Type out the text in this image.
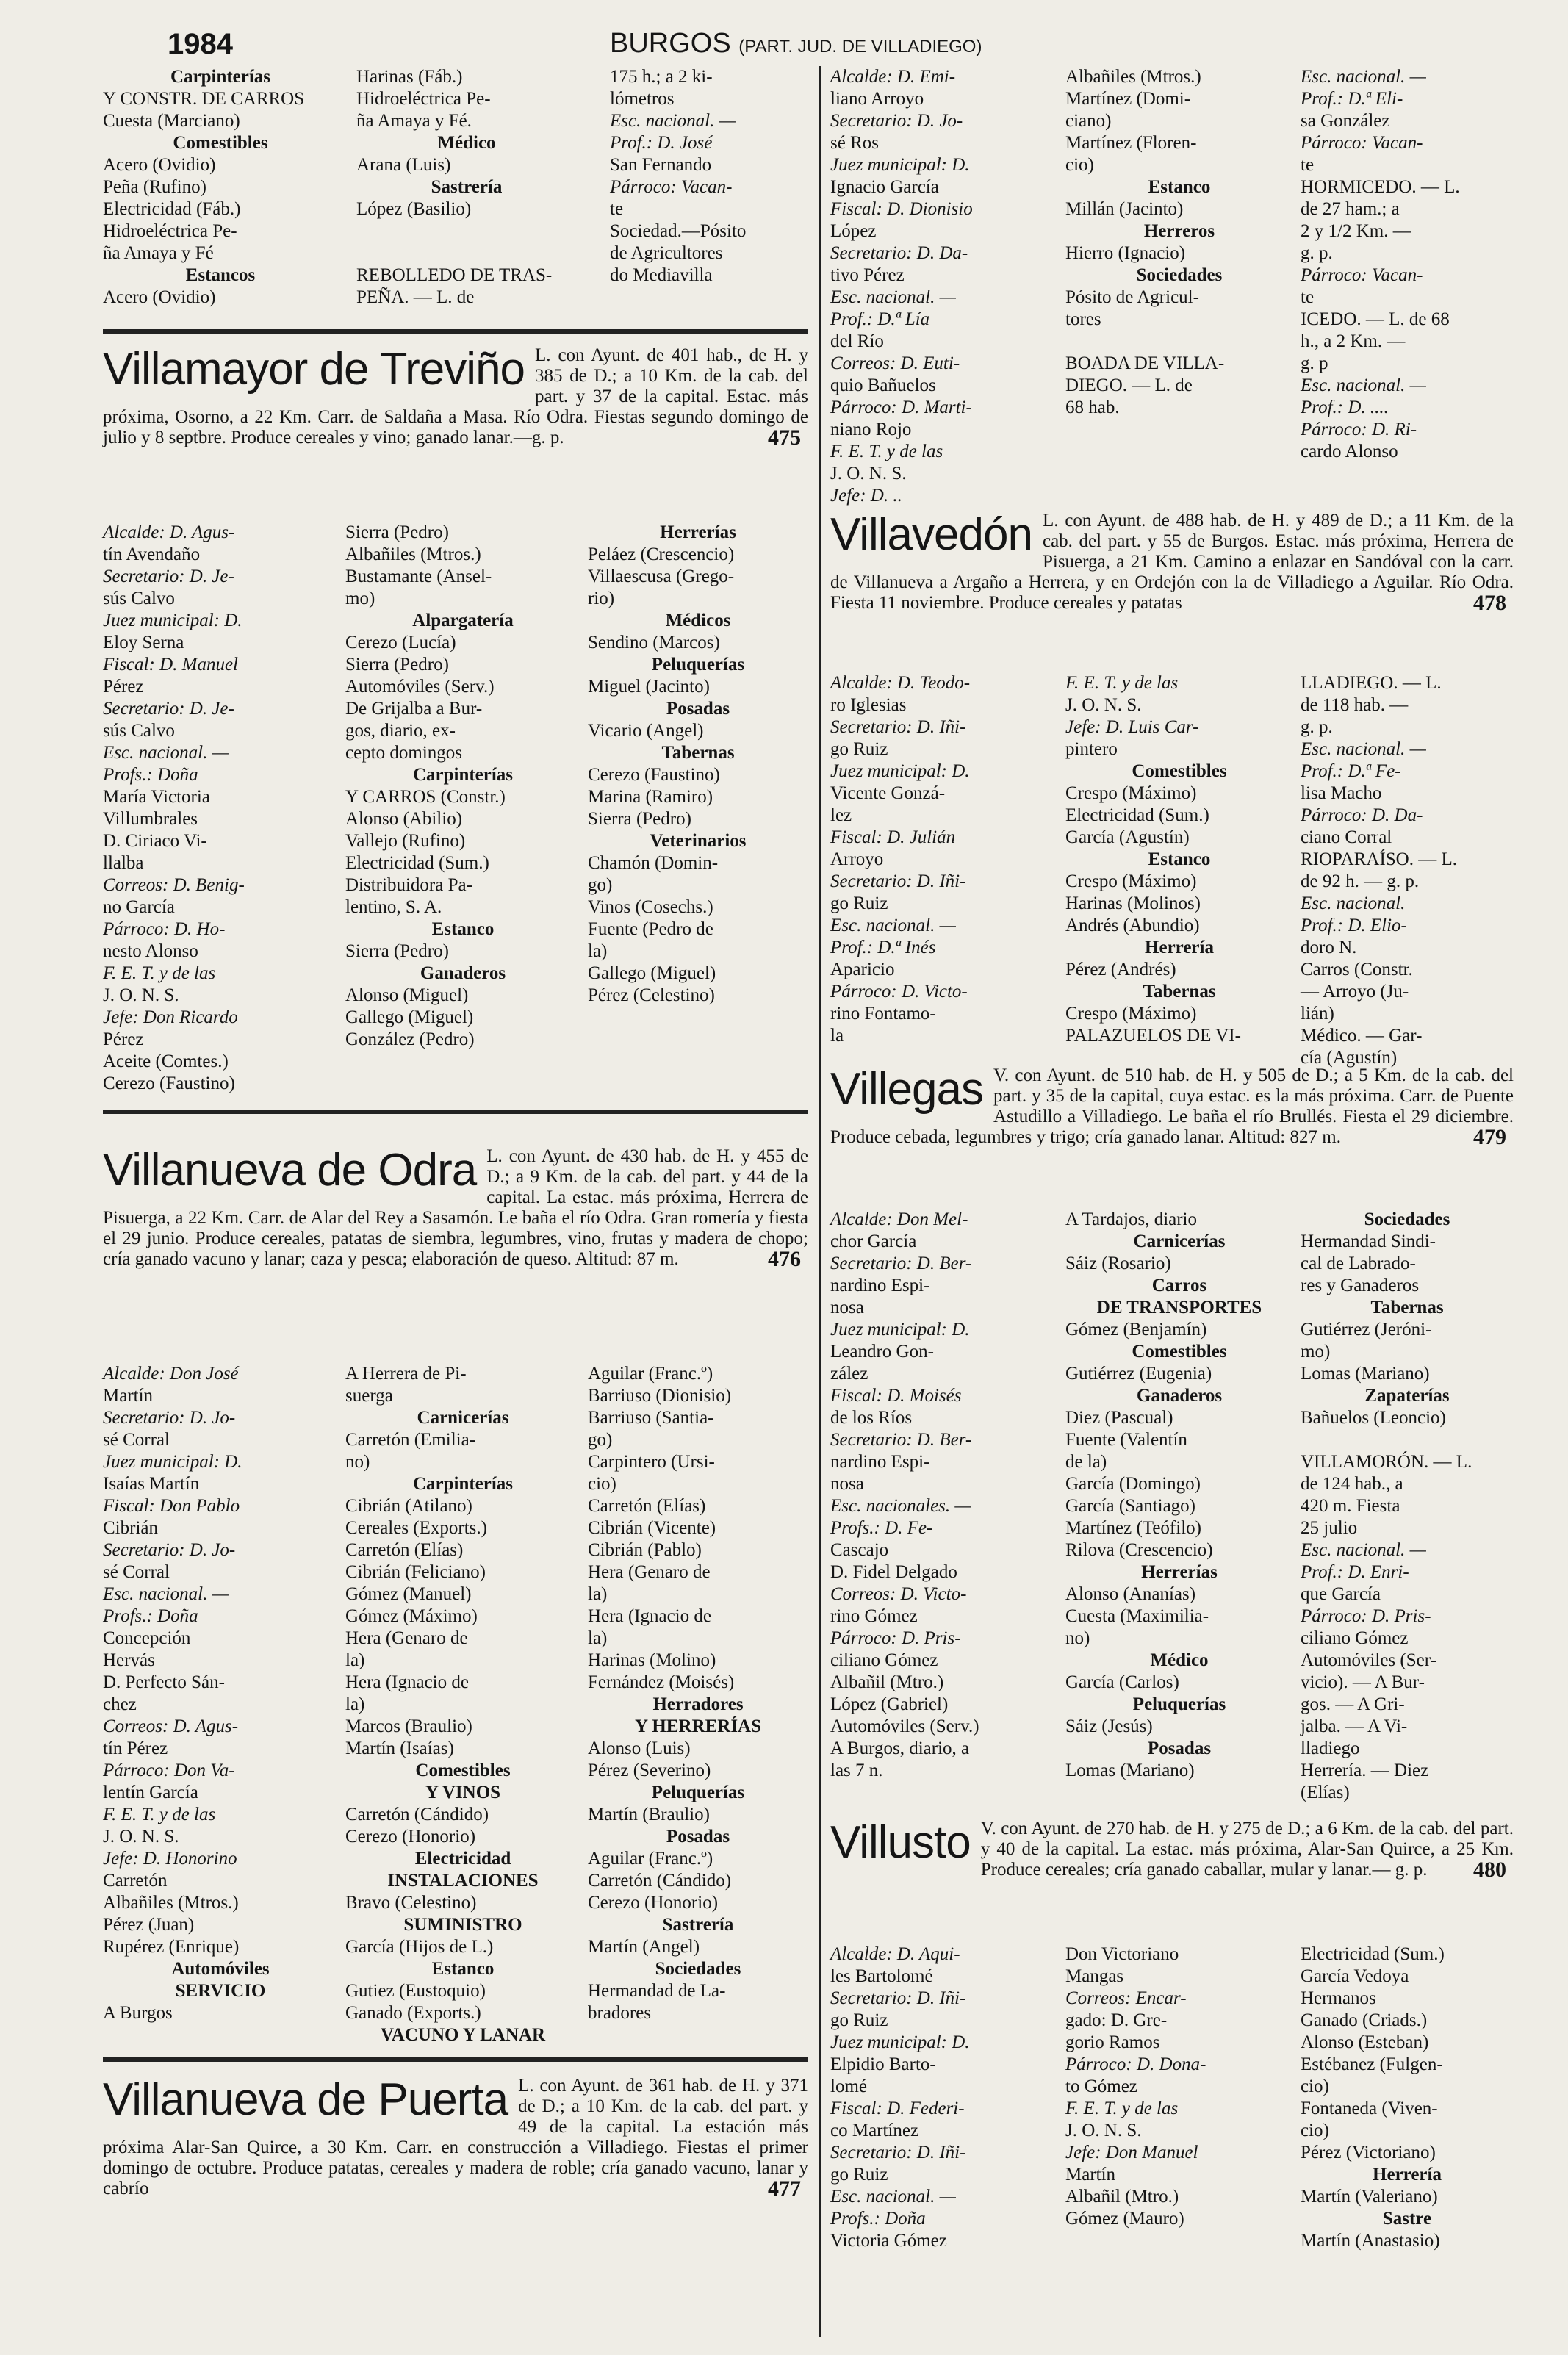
1984	BURGOS (PART. JUD. DE VILLADIEGO)
Carpinterías
Y CONSTR. DE CARROS
Cuesta (Marciano)
Comestibles
Acero (Ovidio)
Peña (Rufino)
Electricidad (Fáb.)
Hidroeléctrica Pe-
ña Amaya y Fé
Estancos
Acero (Ovidio)
Harinas (Fáb.)
Hidroeléctrica Pe-
ña Amaya y Fé.
Médico
Arana (Luis)
Sastrería
López (Basilio)

REBOLLEDO DE TRAS-
PEÑA. — L. de
175 h.; a 2 ki-
lómetros
Esc. nacional. —
Prof.: D. José
San Fernando
Párroco: Vacan-
te
Sociedad.—Pósito
de Agricultores
do Mediavilla
Villamayor de Treviño L. con Ayunt. de 401 hab., de H. y 385 de D.; a 10 Km. de la cab. del part. y 37 de la capital. Estac. más próxima, Osorno, a 22 Km. Carr. de Saldaña a Masa. Río Odra. Fiestas segundo domingo de julio y 8 septbre. Produce cereales y vino; ganado lanar.—g. p.	475
Alcalde: D. Agus-
tín Avendaño
Secretario: D. Je-
sús Calvo
Juez municipal: D.
Eloy Serna
Fiscal: D. Manuel
Pérez
Secretario: D. Je-
sús Calvo
Esc. nacional. —
Profs.: Doña
María Victoria
Villumbrales
D. Ciriaco Vi-
llalba
Correos: D. Benig-
no García
Párroco: D. Ho-
nesto Alonso
F. E. T. y de las
J. O. N. S.
Jefe: Don Ricardo
Pérez
Aceite (Comtes.)
Cerezo (Faustino)
Sierra (Pedro)
Albañiles (Mtros.)
Bustamante (Ansel-
mo)
Alpargatería
Cerezo (Lucía)
Sierra (Pedro)
Automóviles (Serv.)
De Grijalba a Bur-
gos, diario, ex-
cepto domingos
Carpinterías
Y CARROS (Constr.)
Alonso (Abilio)
Vallejo (Rufino)
Electricidad (Sum.)
Distribuidora Pa-
lentino, S. A.
Estanco
Sierra (Pedro)
Ganaderos
Alonso (Miguel)
Gallego (Miguel)
González (Pedro)
Herrerías
Peláez (Crescencio)
Villaescusa (Grego-
rio)
Médicos
Sendino (Marcos)
Peluquerías
Miguel (Jacinto)
Posadas
Vicario (Angel)
Tabernas
Cerezo (Faustino)
Marina (Ramiro)
Sierra (Pedro)
Veterinarios
Chamón (Domin-
go)
Vinos (Cosechs.)
Fuente (Pedro de
la)
Gallego (Miguel)
Pérez (Celestino)
Villanueva de Odra L. con Ayunt. de 430 hab. de H. y 455 de D.; a 9 Km. de la cab. del part. y 44 de la capital. La estac. más próxima, Herrera de Pisuerga, a 22 Km. Carr. de Alar del Rey a Sasamón. Le baña el río Odra. Gran romería y fiesta el 29 junio. Produce cereales, patatas de siembra, legumbres, vino, frutas y madera de chopo; cría ganado vacuno y lanar; caza y pesca; elaboración de queso. Altitud: 87 m.	476
Alcalde: Don José
Martín
Secretario: D. Jo-
sé Corral
Juez municipal: D.
Isaías Martín
Fiscal: Don Pablo
Cibrián
Secretario: D. Jo-
sé Corral
Esc. nacional. —
Profs.: Doña
Concepción
Hervás
D. Perfecto Sán-
chez
Correos: D. Agus-
tín Pérez
Párroco: Don Va-
lentín García
F. E. T. y de las
J. O. N. S.
Jefe: D. Honorino
Carretón
Albañiles (Mtros.)
Pérez (Juan)
Rupérez (Enrique)
Automóviles
SERVICIO
A Burgos
A Herrera de Pi-
suerga
Carnicerías
Carretón (Emilia-
no)
Carpinterías
Cibrián (Atilano)
Cereales (Exports.)
Carretón (Elías)
Cibrián (Feliciano)
Gómez (Manuel)
Gómez (Máximo)
Hera (Genaro de
la)
Hera (Ignacio de
la)
Marcos (Braulio)
Martín (Isaías)
Comestibles
Y VINOS
Carretón (Cándido)
Cerezo (Honorio)
Electricidad
INSTALACIONES
Bravo (Celestino)
SUMINISTRO
García (Hijos de L.)
Estanco
Gutiez (Eustoquio)
Ganado (Exports.)
VACUNO Y LANAR
Aguilar (Franc.º)
Barriuso (Dionisio)
Barriuso (Santia-
go)
Carpintero (Ursi-
cio)
Carretón (Elías)
Cibrián (Vicente)
Cibrián (Pablo)
Hera (Genaro de
la)
Hera (Ignacio de
la)
Harinas (Molino)
Fernández (Moisés)
Herradores
Y HERRERÍAS
Alonso (Luis)
Pérez (Severino)
Peluquerías
Martín (Braulio)
Posadas
Aguilar (Franc.º)
Carretón (Cándido)
Cerezo (Honorio)
Sastrería
Martín (Angel)
Sociedades
Hermandad de La-
bradores
Villanueva de Puerta L. con Ayunt. de 361 hab. de H. y 371 de D.; a 10 Km. de la cab. del part. y 49 de la capital. La estación más próxima Alar-San Quirce, a 30 Km. Carr. en construcción a Villadiego. Fiestas el primer domingo de octubre. Produce patatas, cereales y madera de roble; cría ganado vacuno, lanar y cabrío	477
Alcalde: D. Emi-
liano Arroyo
Secretario: D. Jo-
sé Ros
Juez municipal: D.
Ignacio García
Fiscal: D. Dionisio
López
Secretario: D. Da-
tivo Pérez
Esc. nacional. —
Prof.: D.ª Lía
del Río
Correos: D. Euti-
quio Bañuelos
Párroco: D. Marti-
niano Rojo
F. E. T. y de las
J. O. N. S.
Jefe: D. ..
Albañiles (Mtros.)
Martínez (Domi-
ciano)
Martínez (Floren-
cio)
Estanco
Millán (Jacinto)
Herreros
Hierro (Ignacio)
Sociedades
Pósito de Agricul-
tores

BOADA DE VILLA-
DIEGO. — L. de
68 hab.
Esc. nacional. —
Prof.: D.ª Eli-
sa González
Párroco: Vacan-
te
HORMICEDO. — L.
de 27 ham.; a
2 y 1/2 Km. —
g. p.
Párroco: Vacan-
te
ICEDO. — L. de 68
h., a 2 Km. —
g. p
Esc. nacional. —
Prof.: D. ....
Párroco: D. Ri-
cardo Alonso
Villavedón L. con Ayunt. de 488 hab. de H. y 489 de D.; a 11 Km. de la cab. del part. y 55 de Burgos. Estac. más próxima, Herrera de Pisuerga, a 21 Km. Camino a enlazar en Sandóval con la carr. de Villanueva a Argaño a Herrera, y en Ordejón con la de Villadiego a Aguilar. Río Odra. Fiesta 11 noviembre. Produce cereales y patatas	478
Alcalde: D. Teodo-
ro Iglesias
Secretario: D. Iñi-
go Ruiz
Juez municipal: D.
Vicente Gonzá-
lez
Fiscal: D. Julián
Arroyo
Secretario: D. Iñi-
go Ruiz
Esc. nacional. —
Prof.: D.ª Inés
Aparicio
Párroco: D. Victo-
rino Fontamo-
la
F. E. T. y de las
J. O. N. S.
Jefe: D. Luis Car-
pintero
Comestibles
Crespo (Máximo)
Electricidad (Sum.)
García (Agustín)
Estanco
Crespo (Máximo)
Harinas (Molinos)
Andrés (Abundio)
Herrería
Pérez (Andrés)
Tabernas
Crespo (Máximo)
PALAZUELOS DE VI-
LLADIEGO. — L.
de 118 hab. —
g. p.
Esc. nacional. —
Prof.: D.ª Fe-
lisa Macho
Párroco: D. Da-
ciano Corral
RIOPARAÍSO. — L.
de 92 h. — g. p.
Esc. nacional.
Prof.: D. Elio-
doro N.
Carros (Constr.
— Arroyo (Ju-
lián)
Médico. — Gar-
cía (Agustín)
Villegas V. con Ayunt. de 510 hab. de H. y 505 de D.; a 5 Km. de la cab. del part. y 35 de la capital, cuya estac. es la más próxima. Carr. de Puente Astudillo a Villadiego. Le baña el río Brullés. Fiesta el 29 diciembre. Produce cebada, legumbres y trigo; cría ganado lanar. Altitud: 827 m.	479
Alcalde: Don Mel-
chor García
Secretario: D. Ber-
nardino Espi-
nosa
Juez municipal: D.
Leandro Gon-
zález
Fiscal: D. Moisés
de los Ríos
Secretario: D. Ber-
nardino Espi-
nosa
Esc. nacionales. —
Profs.: D. Fe-
Cascajo
D. Fidel Delgado
Correos: D. Victo-
rino Gómez
Párroco: D. Pris-
ciliano Gómez
Albañil (Mtro.)
López (Gabriel)
Automóviles (Serv.)
A Burgos, diario, a
las 7 n.
A Tardajos, diario
Carnicerías
Sáiz (Rosario)
Carros
DE TRANSPORTES
Gómez (Benjamín)
Comestibles
Gutiérrez (Eugenia)
Ganaderos
Diez (Pascual)
Fuente (Valentín
de la)
García (Domingo)
García (Santiago)
Martínez (Teófilo)
Rilova (Crescencio)
Herrerías
Alonso (Ananías)
Cuesta (Maximilia-
no)
Médico
García (Carlos)
Peluquerías
Sáiz (Jesús)
Posadas
Lomas (Mariano)
Sociedades
Hermandad Sindi-
cal de Labrado-
res y Ganaderos
Tabernas
Gutiérrez (Jeróni-
mo)
Lomas (Mariano)
Zapaterías
Bañuelos (Leoncio)

VILLAMORÓN. — L.
de 124 hab., a
420 m. Fiesta
25 julio
Esc. nacional. —
Prof.: D. Enri-
que García
Párroco: D. Pris-
ciliano Gómez
Automóviles (Ser-
vicio). — A Bur-
gos. — A Gri-
jalba. — A Vi-
lladiego
Herrería. — Diez
(Elías)
Villusto V. con Ayunt. de 270 hab. de H. y 275 de D.; a 6 Km. de la cab. del part. y 40 de la capital. La estac. más próxima, Alar-San Quirce, a 25 Km. Produce cereales; cría ganado caballar, mular y lanar.— g. p. 480
Alcalde: D. Aqui-
les Bartolomé
Secretario: D. Iñi-
go Ruiz
Juez municipal: D.
Elpidio Barto-
lomé
Fiscal: D. Federi-
co Martínez
Secretario: D. Iñi-
go Ruiz
Esc. nacional. —
Profs.: Doña
Victoria Gómez
Don Victoriano
Mangas
Correos: Encar-
gado: D. Gre-
gorio Ramos
Párroco: D. Dona-
to Gómez
F. E. T. y de las
J. O. N. S.
Jefe: Don Manuel
Martín
Albañil (Mtro.)
Gómez (Mauro)
Electricidad (Sum.)
García Vedoya
Hermanos
Ganado (Criads.)
Alonso (Esteban)
Estébanez (Fulgen-
cio)
Fontaneda (Viven-
cio)
Pérez (Victoriano)
Herrería
Martín (Valeriano)
Sastre
Martín (Anastasio)
